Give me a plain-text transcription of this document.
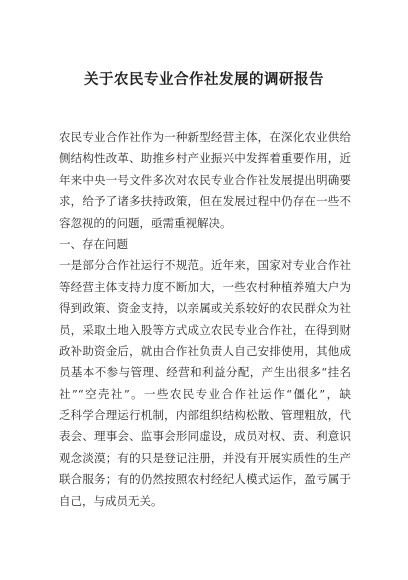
关于农民专业合作社发展的调研报告
农民专业合作社作为一种新型经营主体，在深化农业供给
侧结构性改革、助推乡村产业振兴中发挥着重要作用，近
年来中央一号文件多次对农民专业合作社发展提出明确要
求，给予了诸多扶持政策，但在发展过程中仍存在一些不
容忽视的的问题，亟需重视解决。
一、存在问题
一是部分合作社运行不规范。近年来，国家对专业合作社
等经营主体支持力度不断加大，一些农村种植养殖大户为
得到政策、资金支持，以亲属或关系较好的农民群众为社
员，采取土地入股等方式成立农民专业合作社，在得到财
政补助资金后，就由合作社负责人自己安排使用，其他成
员基本不参与管理、经营和利益分配，产生出很多“挂名
社”“空壳社”。一些农民专业合作社运作“僵化”，缺
乏科学合理运行机制，内部组织结构松散、管理粗放，代
表会、理事会、监事会形同虚设，成员对权、责、利意识
观念淡漠；有的只是登记注册，并没有开展实质性的生产
联合服务；有的仍然按照农村经纪人模式运作，盈亏属于
自己，与成员无关。
